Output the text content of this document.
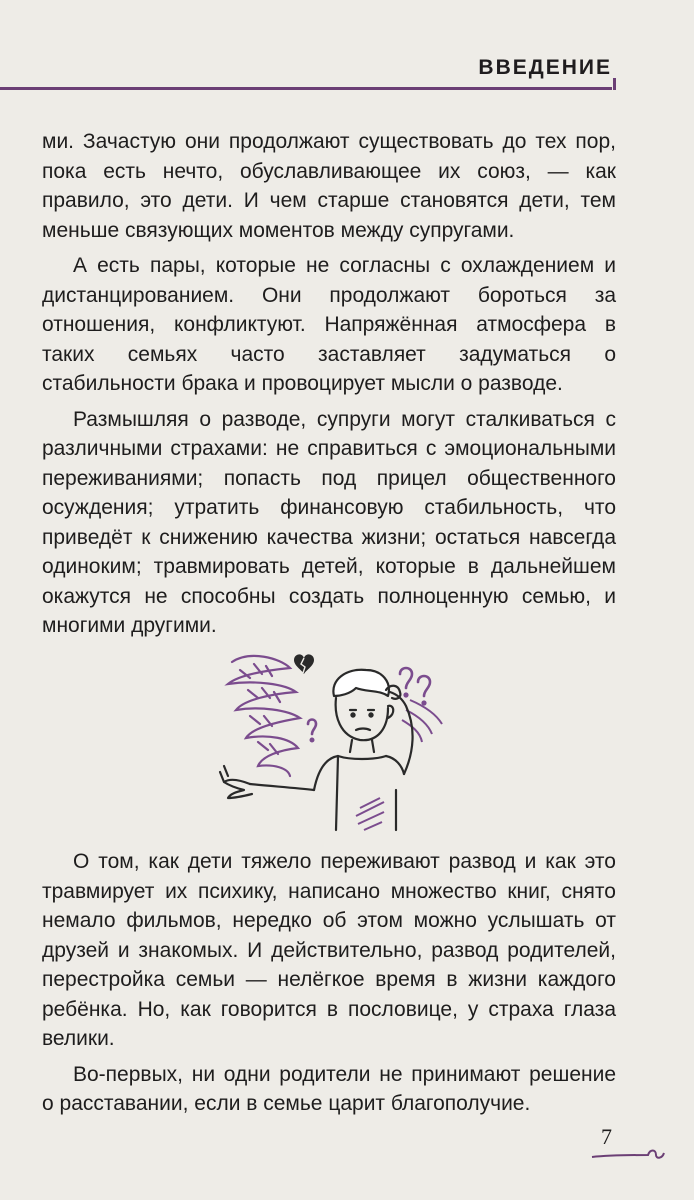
ВВЕДЕНИЕ

ми. Зачастую они продолжают существовать до тех пор, пока есть нечто, обуславливающее их союз, — как правило, это дети. И чем старше становятся дети, тем меньше связующих моментов между супругами.

А есть пары, которые не согласны с охлаждением и дистанцированием. Они продолжают бороться за отношения, конфликтуют. Напряжённая атмосфера в таких семьях часто заставляет задуматься о стабильности брака и провоцирует мысли о разводе.

Размышляя о разводе, супруги могут сталкиваться с различными страхами: не справиться с эмоциональными переживаниями; попасть под прицел общественного осуждения; утратить финансовую стабильность, что приведёт к снижению качества жизни; остаться навсегда одиноким; травмировать детей, которые в дальнейшем окажутся не способны создать полноценную семью, и многими другими.

О том, как дети тяжело переживают развод и как это травмирует их психику, написано множество книг, снято немало фильмов, нередко об этом можно услышать от друзей и знакомых. И действительно, развод родителей, перестройка семьи — нелёгкое время в жизни каждого ребёнка. Но, как говорится в пословице, у страха глаза велики.

Во-первых, ни одни родители не принимают решение о расставании, если в семье царит благополучие.

7
